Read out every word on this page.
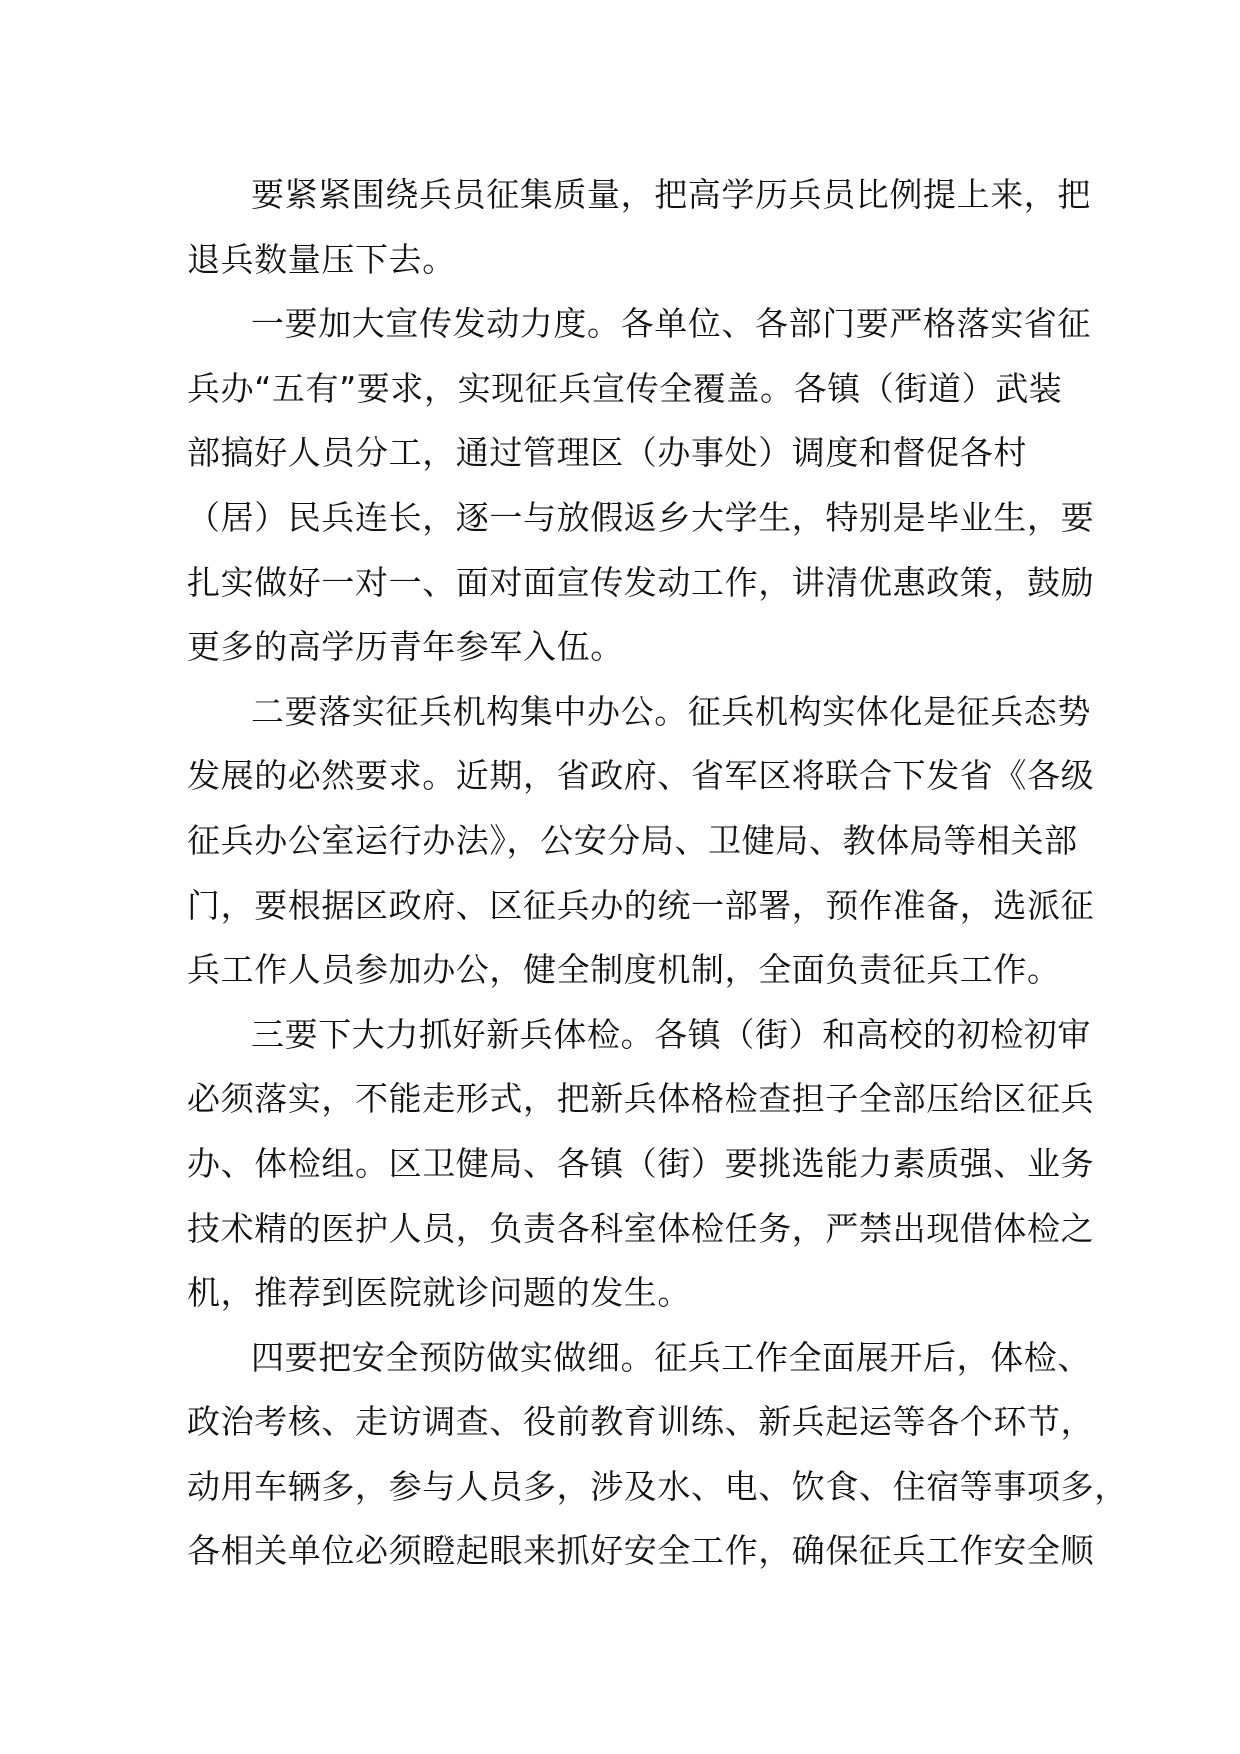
要紧紧围绕兵员征集质量，把高学历兵员比例提上来，把
退兵数量压下去。
一要加大宣传发动力度。各单位、各部门要严格落实省征
兵办“五有”要求，实现征兵宣传全覆盖。各镇（街道）武装
部搞好人员分工，通过管理区（办事处）调度和督促各村
（居）民兵连长，逐一与放假返乡大学生，特别是毕业生，要
扎实做好一对一、面对面宣传发动工作，讲清优惠政策，鼓励
更多的高学历青年参军入伍。
二要落实征兵机构集中办公。征兵机构实体化是征兵态势
发展的必然要求。近期，省政府、省军区将联合下发省《各级
征兵办公室运行办法》，公安分局、卫健局、教体局等相关部
门，要根据区政府、区征兵办的统一部署，预作准备，选派征
兵工作人员参加办公，健全制度机制，全面负责征兵工作。
三要下大力抓好新兵体检。各镇（街）和高校的初检初审
必须落实，不能走形式，把新兵体格检查担子全部压给区征兵
办、体检组。区卫健局、各镇（街）要挑选能力素质强、业务
技术精的医护人员，负责各科室体检任务，严禁出现借体检之
机，推荐到医院就诊问题的发生。
四要把安全预防做实做细。征兵工作全面展开后，体检、
政治考核、走访调查、役前教育训练、新兵起运等各个环节，
动用车辆多，参与人员多，涉及水、电、饮食、住宿等事项多，
各相关单位必须瞪起眼来抓好安全工作，确保征兵工作安全顺
